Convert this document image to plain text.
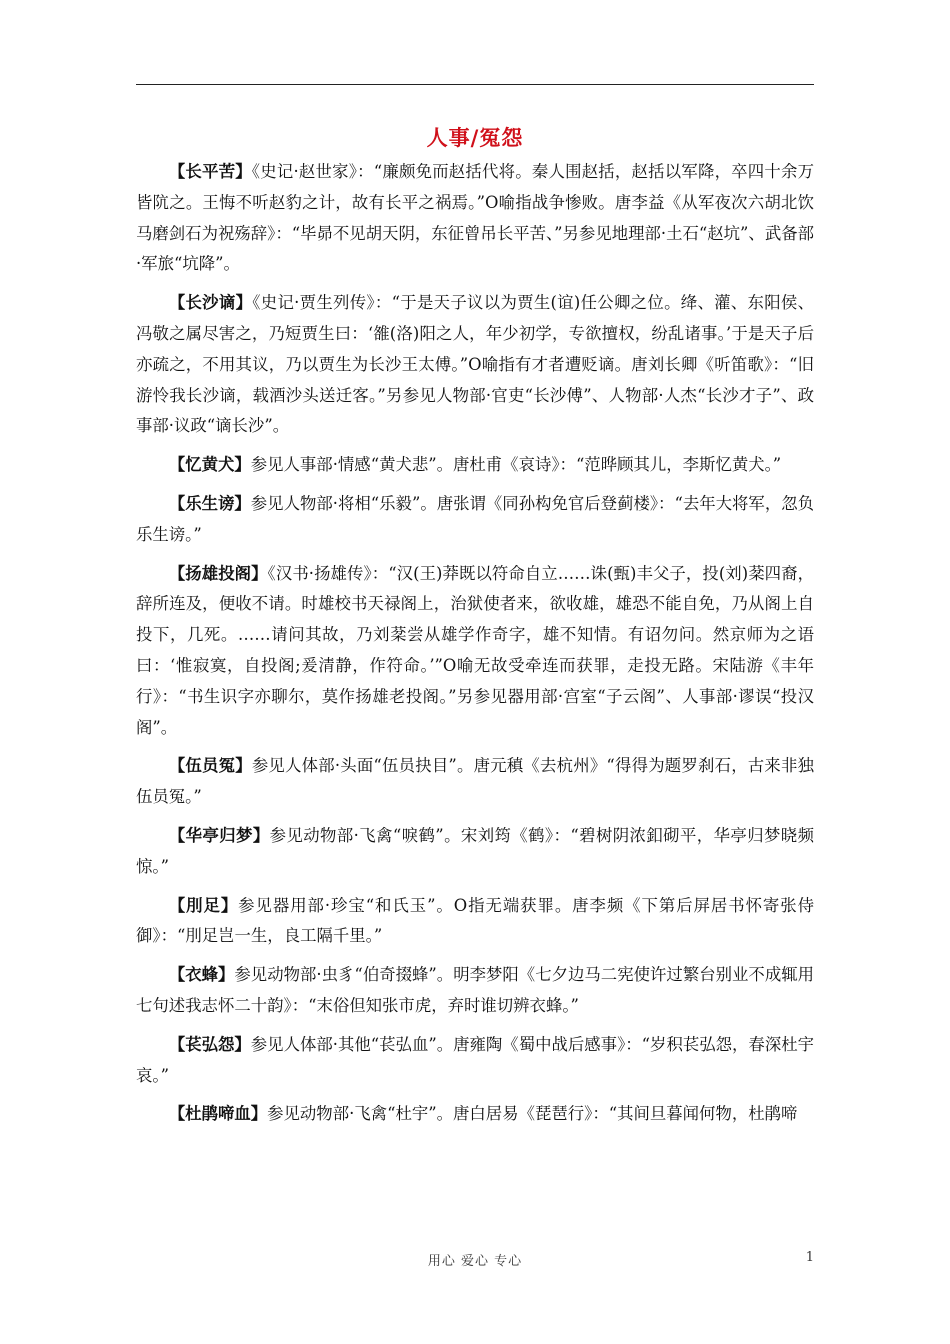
人事/冤怨

【长平苦】《史记·赵世家》：“廉颇免而赵括代将。秦人围赵括，赵括以军降，卒四十余万皆阬之。王悔不听赵豹之计，故有长平之祸焉。”O喻指战争惨败。唐李益《从军夜次六胡北饮马磨剑石为祝殇辞》：“毕昴不见胡天阴，东征曾吊长平苦、”另参见地理部·土石“赵坑”、武备部·军旅“坑降”。

【长沙谪】《史记·贾生列传》：“于是天子议以为贾生(谊)任公卿之位。绛、灌、东阳侯、冯敬之属尽害之，乃短贾生曰：‘雒(洛)阳之人，年少初学，专欲擅权，纷乱诸事。’于是天子后亦疏之，不用其议，乃以贾生为长沙王太傅。”O喻指有才者遭贬谪。唐刘长卿《听笛歌》：“旧游怜我长沙谪，载酒沙头送迁客。”另参见人物部·官吏“长沙傅”、人物部·人杰“长沙才子”、政事部·议政“谪长沙”。

【忆黄犬】参见人事部·情感“黄犬悲”。唐杜甫《哀诗》：“范晔顾其儿，李斯忆黄犬。”

【乐生谤】参见人物部·将相“乐毅”。唐张谓《同孙构免官后登蓟楼》：“去年大将军，忽负乐生谤。”

【扬雄投阁】《汉书·扬雄传》：“汉(王)莽既以符命自立……诛(甄)丰父子，投(刘)棻四裔，辞所连及，便收不请。时雄校书天禄阁上，治狱使者来，欲收雄，雄恐不能自免，乃从阁上自投下，几死。……请问其故，乃刘棻尝从雄学作奇字，雄不知情。有诏勿问。然京师为之语曰：‘惟寂寞，自投阁;爰清静，作符命。’”O喻无故受牵连而获罪，走投无路。宋陆游《丰年行》：“书生识字亦聊尔，莫作扬雄老投阁。”另参见器用部·宫室“子云阁”、人事部·谬误“投汉阁”。

【伍员冤】参见人体部·头面“伍员抉目”。唐元稹《去杭州》“得得为题罗刹石，古来非独伍员冤。”

【华亭归梦】参见动物部·飞禽“唳鹤”。宋刘筠《鹤》：“碧树阴浓釦砌平，华亭归梦晓频惊。”

【刖足】参见器用部·珍宝“和氏玉”。O指无端获罪。唐李频《下第后屏居书怀寄张侍御》：“刖足岂一生，良工隔千里。”

【衣蜂】参见动物部·虫豸“伯奇掇蜂”。明李梦阳《七夕边马二宪使许过繁台别业不成辄用七句述我志怀二十韵》：“末俗但知张市虎，弃时谁切辨衣蜂。”

【苌弘怨】参见人体部·其他“苌弘血”。唐雍陶《蜀中战后感事》：“岁积苌弘怨，春深杜宇哀。”

【杜鹃啼血】参见动物部·飞禽“杜宇”。唐白居易《琵琶行》：“其间旦暮闻何物，杜鹃啼

用心 爱心 专心	1
